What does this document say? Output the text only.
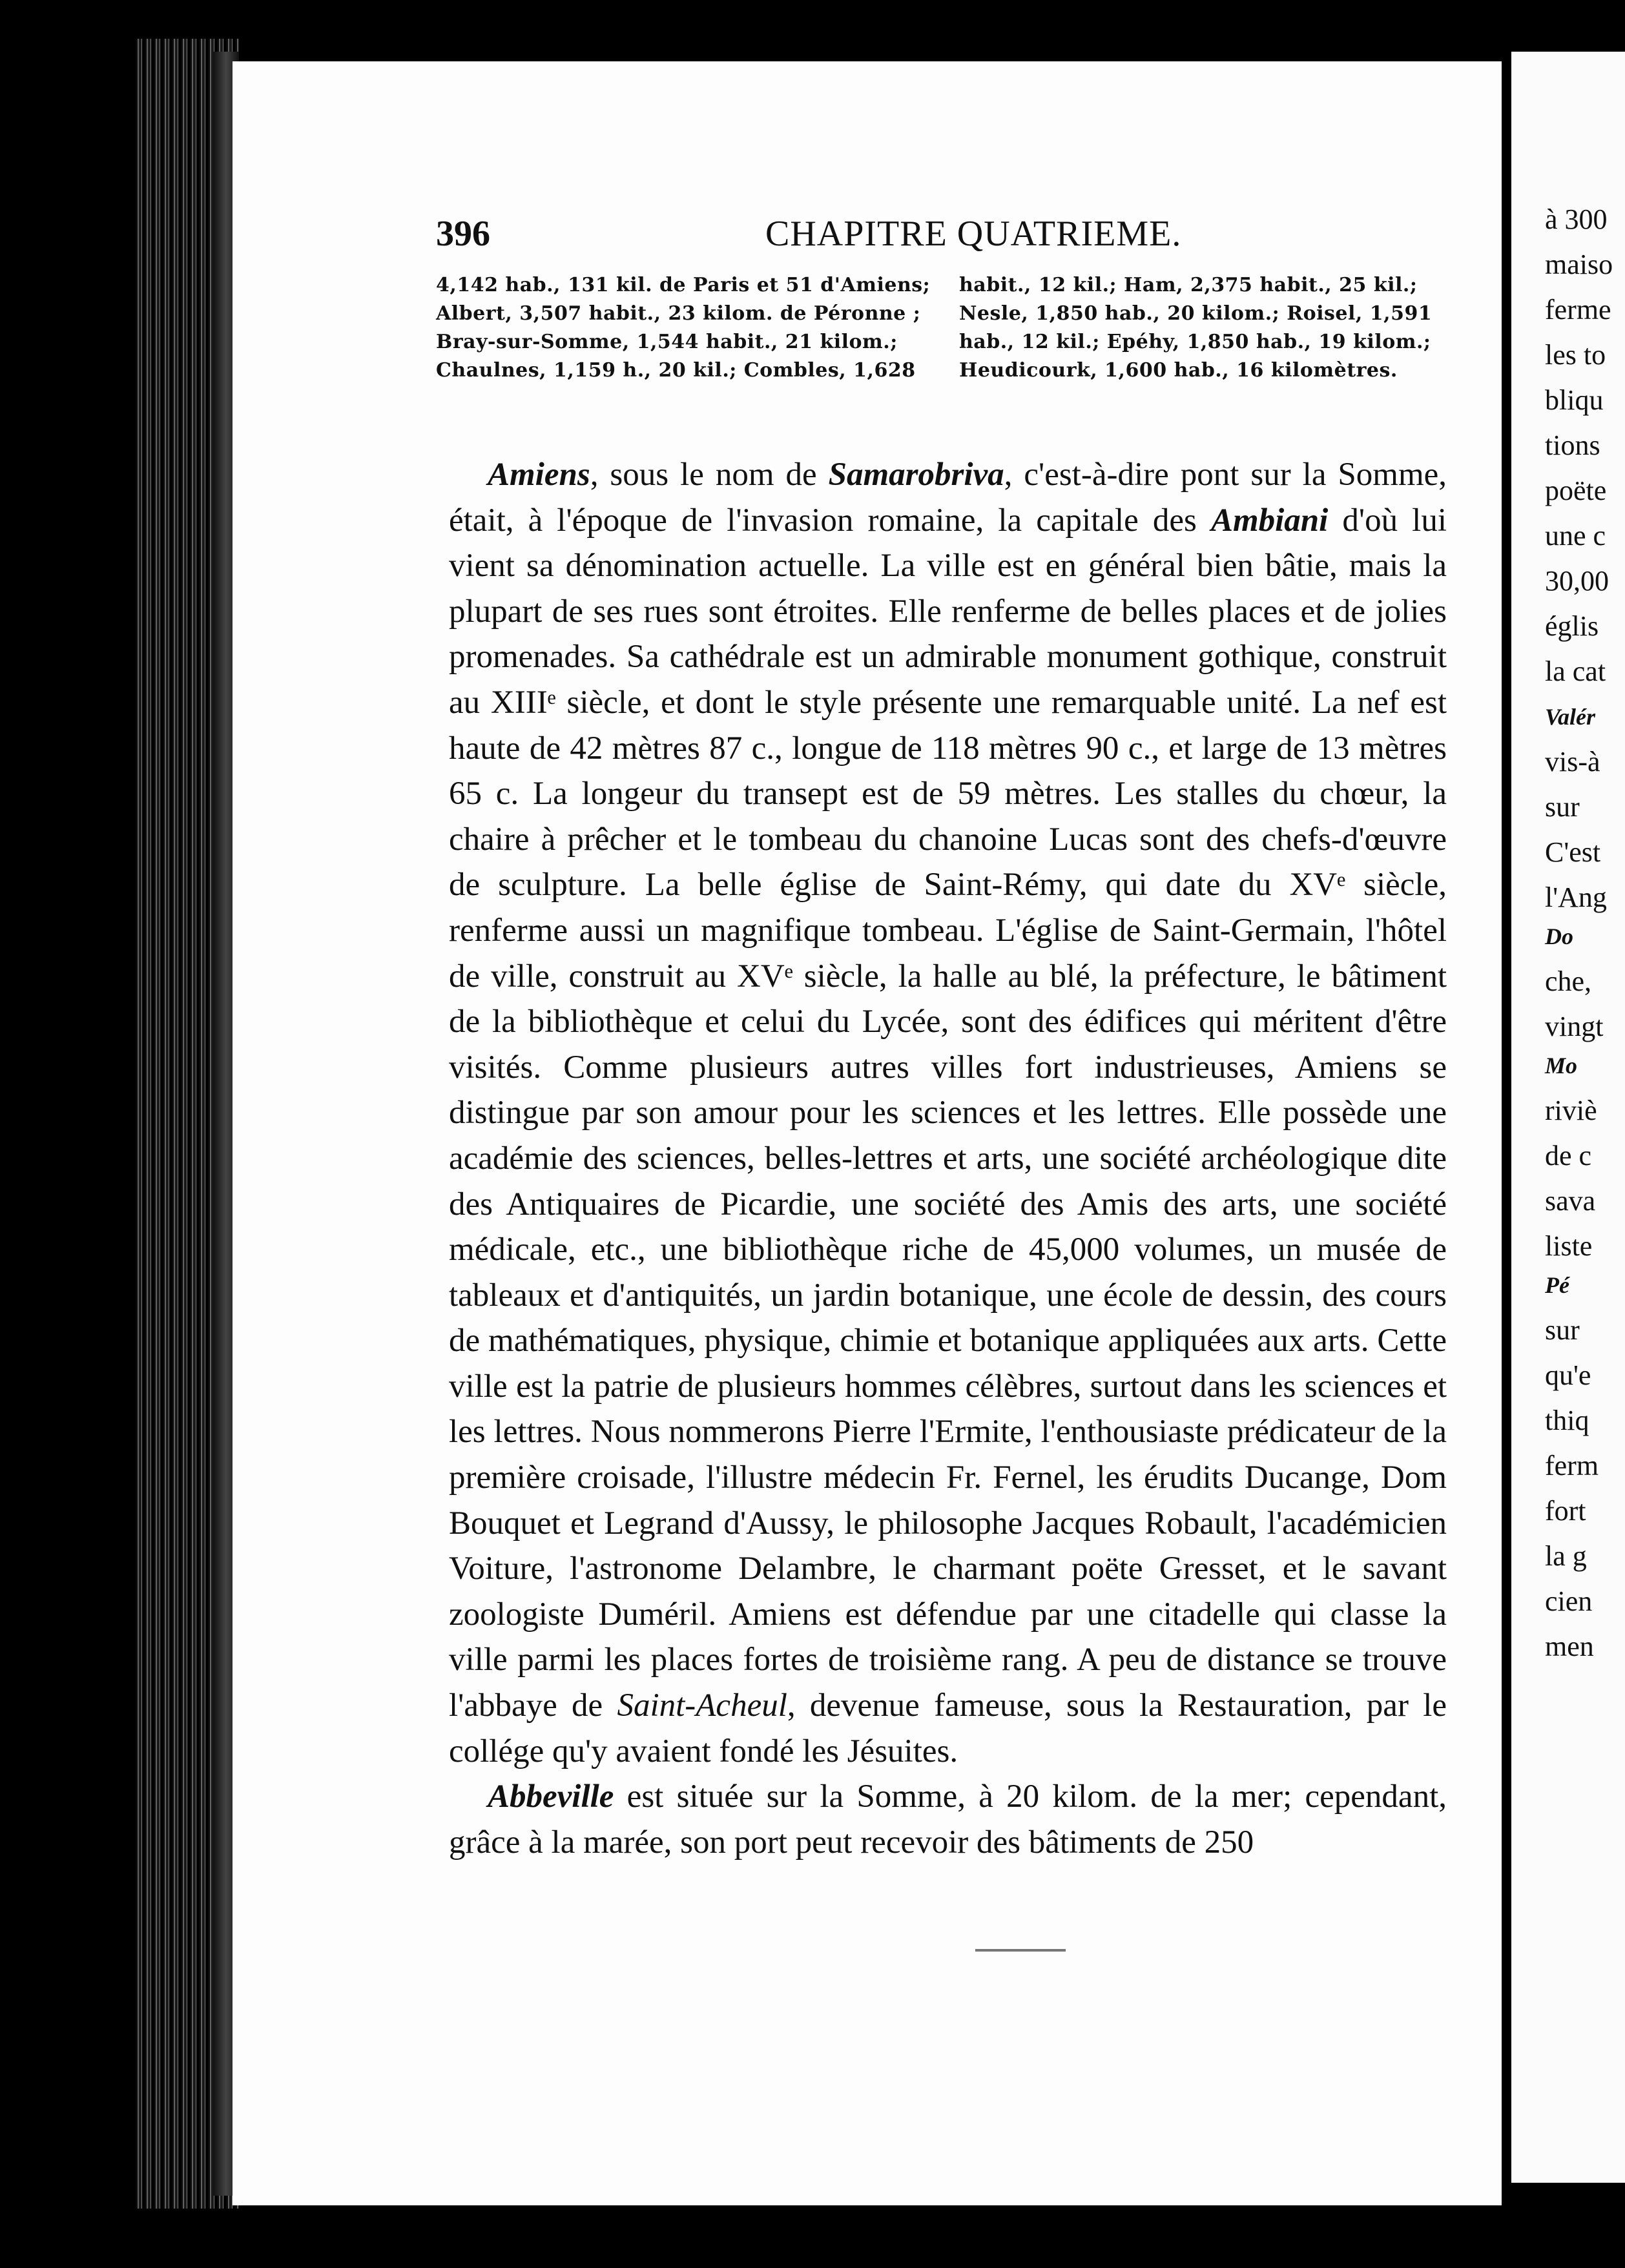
396	CHAPITRE QUATRIEME.
4,142 hab., 131 kil. de Paris et 51 d'Amiens;
Albert, 3,507 habit., 23 kilom. de Péronne ;
Bray-sur-Somme, 1,544 habit., 21 kilom.;
Chaulnes, 1,159 h., 20 kil.; Combles, 1,628
habit., 12 kil.; Ham, 2,375 habit., 25 kil.;
Nesle, 1,850 hab., 20 kilom.; Roisel, 1,591
hab., 12 kil.; Epéhy, 1,850 hab., 19 kilom.;
Heudicourk, 1,600 hab., 16 kilomètres.

Amiens, sous le nom de Samarobriva, c'est-à-dire pont sur la Somme, était, à l'époque de l'invasion romaine, la capitale des Ambiani d'où lui vient sa dénomination actuelle. La ville est en général bien bâtie, mais la plupart de ses rues sont étroites. Elle renferme de belles places et de jolies promenades. Sa cathédrale est un admirable monument gothique, construit au XIIIᵉ siècle, et dont le style présente une remarquable unité. La nef est haute de 42 mètres 87 c., longue de 118 mètres 90 c., et large de 13 mètres 65 c. La longeur du transept est de 59 mètres. Les stalles du chœur, la chaire à prêcher et le tombeau du chanoine Lucas sont des chefs-d'œuvre de sculpture. La belle église de Saint-Rémy, qui date du XVᵉ siècle, renferme aussi un magnifique tombeau. L'église de Saint-Germain, l'hôtel de ville, construit au XVᵉ siècle, la halle au blé, la préfecture, le bâtiment de la bibliothèque et celui du Lycée, sont des édifices qui méritent d'être visités. Comme plusieurs autres villes fort industrieuses, Amiens se distingue par son amour pour les sciences et les lettres. Elle possède une académie des sciences, belles-lettres et arts, une société archéologique dite des Antiquaires de Picardie, une société des Amis des arts, une société médicale, etc., une bibliothèque riche de 45,000 volumes, un musée de tableaux et d'antiquités, un jardin botanique, une école de dessin, des cours de mathématiques, physique, chimie et botanique appliquées aux arts. Cette ville est la patrie de plusieurs hommes célèbres, surtout dans les sciences et les lettres. Nous nommerons Pierre l'Ermite, l'enthousiaste prédicateur de la première croisade, l'illustre médecin Fr. Fernel, les érudits Ducange, Dom Bouquet et Legrand d'Aussy, le philosophe Jacques Robault, l'académicien Voiture, l'astronome Delambre, le charmant poëte Gresset, et le savant zoologiste Duméril. Amiens est défendue par une citadelle qui classe la ville parmi les places fortes de troisième rang. A peu de distance se trouve l'abbaye de Saint-Acheul, devenue fameuse, sous la Restauration, par le collége qu'y avaient fondé les Jésuites.

Abbeville est située sur la Somme, à 20 kilom. de la mer; cependant, grâce à la marée, son port peut recevoir des bâtiments de 250

à 300
maiso
ferme
les to
bliqu
tions
poëte
une c
30,00
églis
la cat
Valér
vis-à
sur
C'est
l'Ang
Do
che,
vingt
Mo
riviè
de c
sava
liste
Pé
sur
qu'e
thiq
ferm
fort
la g
cien
men
